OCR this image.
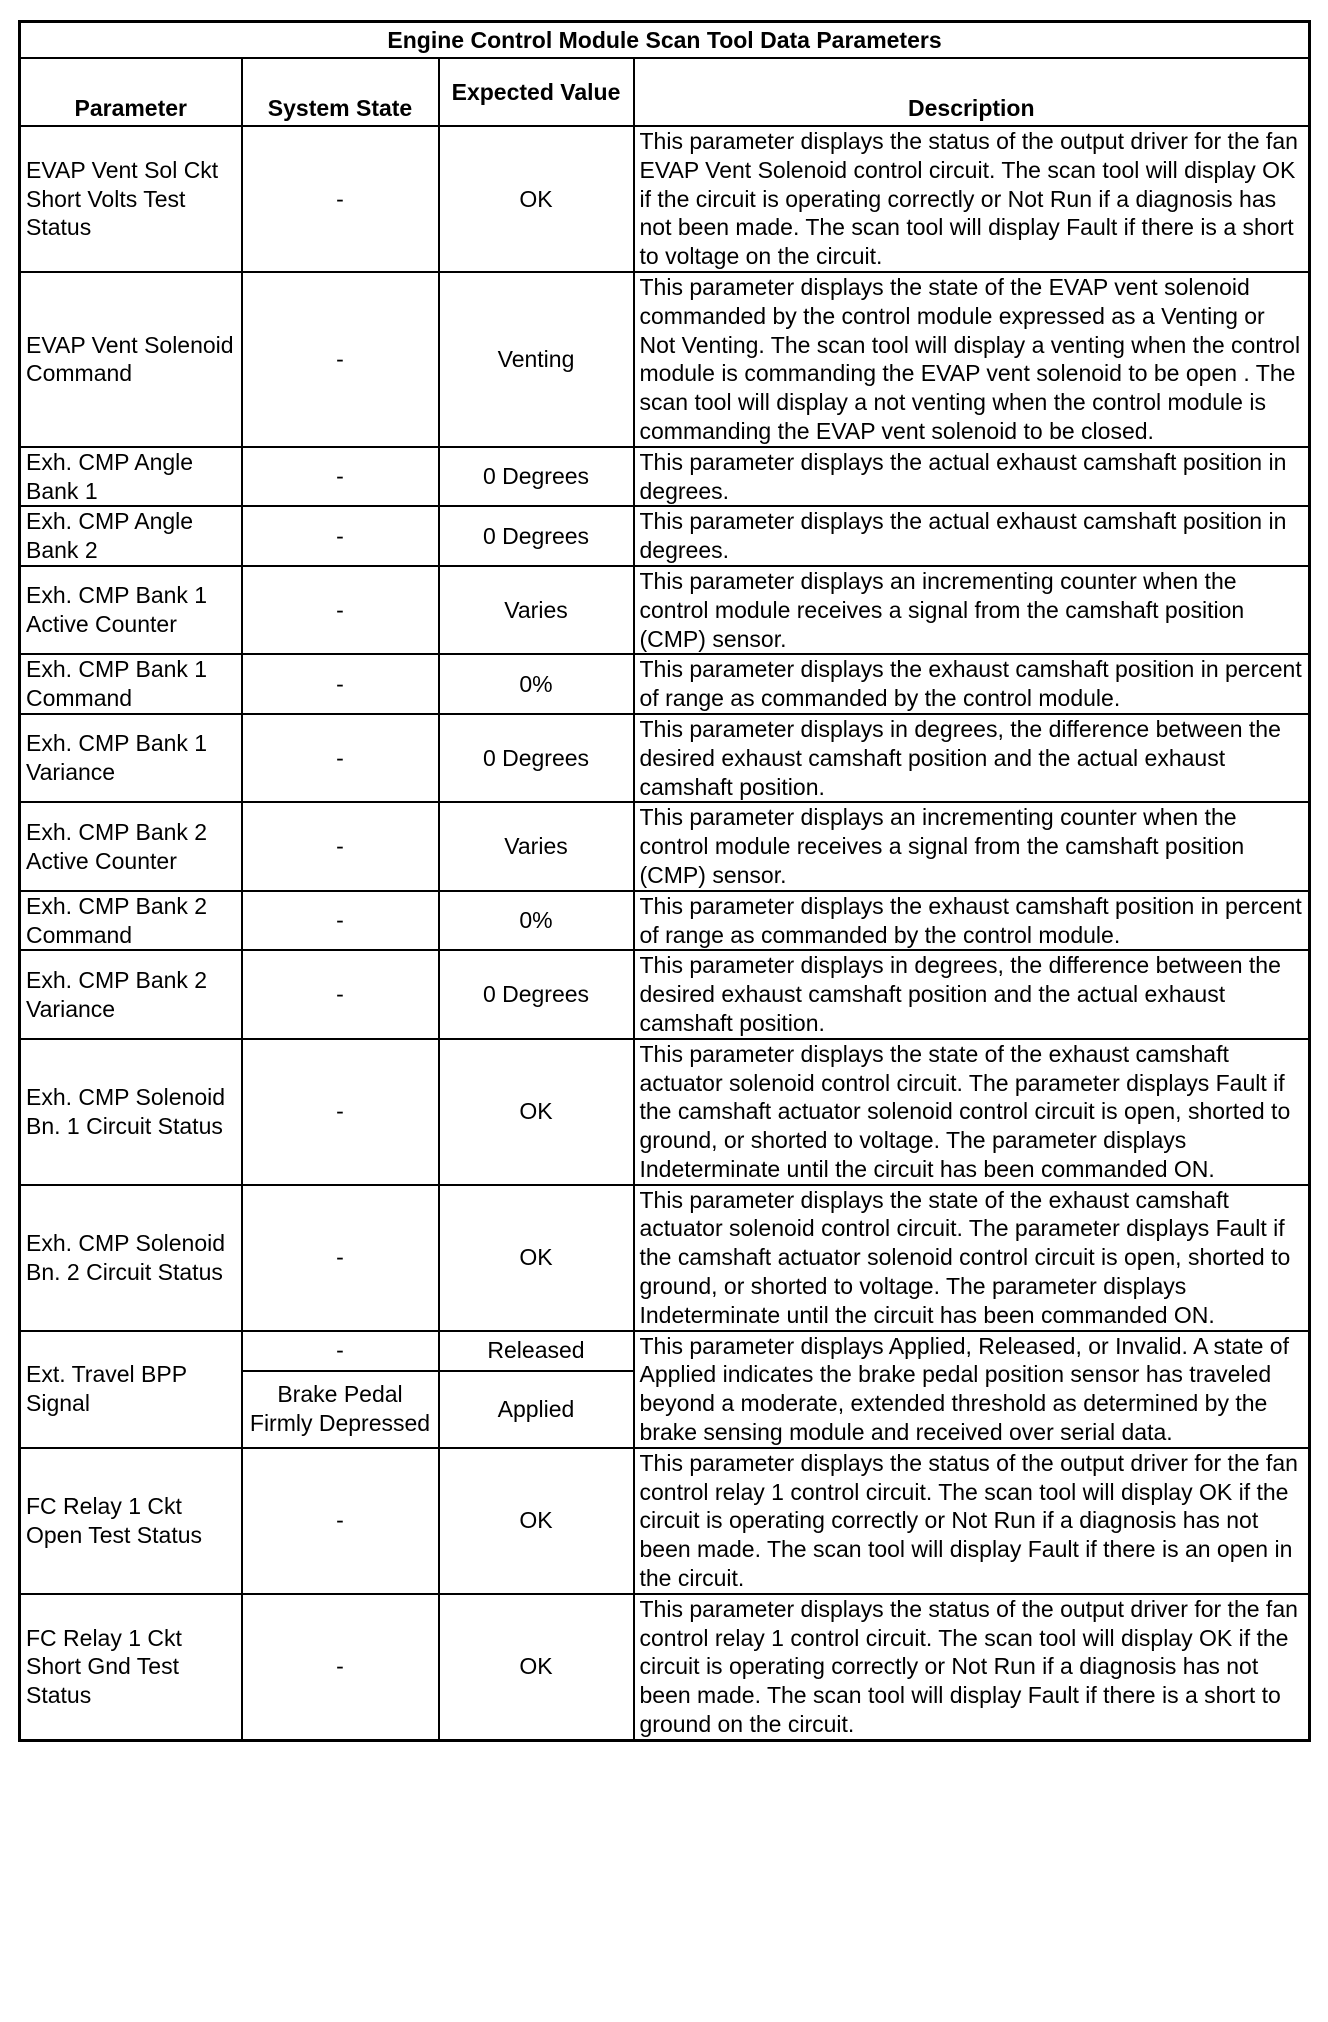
Engine Control Module Scan Tool Data Parameters			
Parameter	System State	Expected Value	Description
EVAP Vent Sol Ckt Short Volts Test Status	-	OK	This parameter displays the status of the output driver for the fan EVAP Vent Solenoid control circuit. The scan tool will display OK if the circuit is operating correctly or Not Run if a diagnosis has not been made. The scan tool will display Fault if there is a short to voltage on the circuit.
EVAP Vent Solenoid Command	-	Venting	This parameter displays the state of the EVAP vent solenoid commanded by the control module expressed as a Venting or Not Venting. The scan tool will display a venting when the control module is commanding the EVAP vent solenoid to be open . The scan tool will display a not venting when the control module is commanding the EVAP vent solenoid to be closed.
Exh. CMP Angle Bank 1	-	0 Degrees	This parameter displays the actual exhaust camshaft position in degrees.
Exh. CMP Angle Bank 2	-	0 Degrees	This parameter displays the actual exhaust camshaft position in degrees.
Exh. CMP Bank 1 Active Counter	-	Varies	This parameter displays an incrementing counter when the control module receives a signal from the camshaft position (CMP) sensor.
Exh. CMP Bank 1 Command	-	0%	This parameter displays the exhaust camshaft position in percent of range as commanded by the control module.
Exh. CMP Bank 1 Variance	-	0 Degrees	This parameter displays in degrees, the difference between the desired exhaust camshaft position and the actual exhaust camshaft position.
Exh. CMP Bank 2 Active Counter	-	Varies	This parameter displays an incrementing counter when the control module receives a signal from the camshaft position (CMP) sensor.
Exh. CMP Bank 2 Command	-	0%	This parameter displays the exhaust camshaft position in percent of range as commanded by the control module.
Exh. CMP Bank 2 Variance	-	0 Degrees	This parameter displays in degrees, the difference between the desired exhaust camshaft position and the actual exhaust camshaft position.
Exh. CMP Solenoid Bn. 1 Circuit Status	-	OK	This parameter displays the state of the exhaust camshaft actuator solenoid control circuit. The parameter displays Fault if the camshaft actuator solenoid control circuit is open, shorted to ground, or shorted to voltage. The parameter displays Indeterminate until the circuit has been commanded ON.
Exh. CMP Solenoid Bn. 2 Circuit Status	-	OK	This parameter displays the state of the exhaust camshaft actuator solenoid control circuit. The parameter displays Fault if the camshaft actuator solenoid control circuit is open, shorted to ground, or shorted to voltage. The parameter displays Indeterminate until the circuit has been commanded ON.
Ext. Travel BPP Signal	-	Released	This parameter displays Applied, Released, or Invalid. A state of Applied indicates the brake pedal position sensor has traveled beyond a moderate, extended threshold as determined by the brake sensing module and received over serial data.
	Brake Pedal Firmly Depressed	Applied	
FC Relay 1 Ckt Open Test Status	-	OK	This parameter displays the status of the output driver for the fan control relay 1 control circuit. The scan tool will display OK if the circuit is operating correctly or Not Run if a diagnosis has not been made. The scan tool will display Fault if there is an open in the circuit.
FC Relay 1 Ckt Short Gnd Test Status	-	OK	This parameter displays the status of the output driver for the fan control relay 1 control circuit. The scan tool will display OK if the circuit is operating correctly or Not Run if a diagnosis has not been made. The scan tool will display Fault if there is a short to ground on the circuit.
